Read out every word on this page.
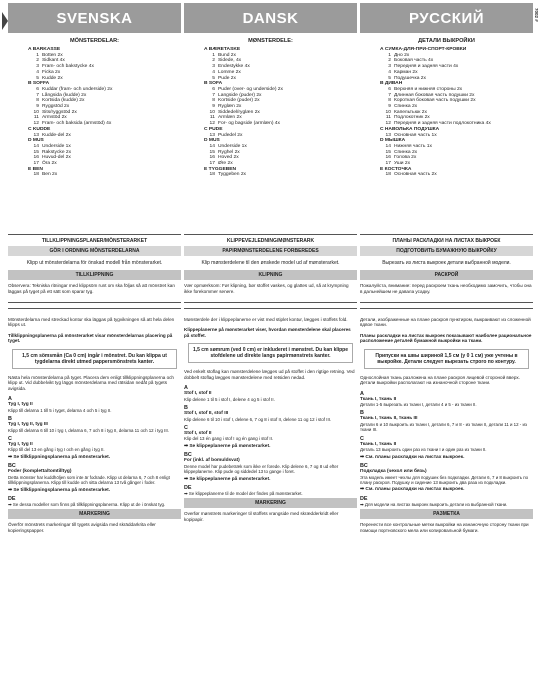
7002 #
SVENSKA
MÖNSTERDELAR:
A BÄRKASSE
1 Botten 2x
2 Sidkant 4x
3 Fram- och bakstycke 4x
4 Ficka 2x
5 Kudde 2x
B SOFFA
6 Kuddar (fram- och underside) 2x
7 Långsida (kudde) 2x
8 Kortsida (kudde) 2x
9 Ryggstöd 2x
10 Sits/ryggstöd 2x
11 Armstöd 2x
12 Fram- och baksida (armstöd) 4x
C KUDDE
13 Kudde-del 2x
D MUS
14 Underside 1x
15 Rakstycke 2x
16 Huvud-del 2x
17 Öra 2x
E BEN
18 Ben 2x
TILLKLIPPNINGSPLANER/MÖNSTERARKET
GÖR I ORDNING MÖNSTERDELARNA
Klipp ut mönsterdelarna för önskad modell från mönsterarket.
TILLKLIPPNING
Observera: Tekniska ritningar med klippsöm runt om ska följas så att mönstret kan läggas på tyget på ett sätt som sparar tyg.
Mönsterdelarna med streckad kontur ska läggas på tygvikningen så att hela delen klipps ut.
Tillklippningsplanerna på mönsterarket visar mönsterdelarnas placering på tyget.
1,5 cm sömsmån (Ca 0 cm) ingår i mönstret. Du kan klippa ut tygdelarna direkt utmed pappersmönstrets kanter.
Nästa hela mönsterdelarna på tyget. Placera dem enligt tillklippningsplanerna och klipp ut. Vid dubbelvikt tyg läggs mönsterdelarna med rätsidan nedåt på tygets avigsida.
A
Tyg I, tyg II
Klipp till delarna 1 till 5 i tyget, delarna 4 och 5 i tyg II.
B
Tyg I, tyg II, tyg III
Klipp till delarna 6 till 10 i tyg I, delarna 6, 7 och 8 i tyg II, delarna 11 och 12 i tyg III.
C
Tyg I, tyg II
Klipp till del 13 en gång i tyg I och en gång i tyg II.
➡ Se tillklippningsplanerna på mönsterarket.
BC
Foder (kompletta/tomtilltyg)
Detta mönster har kuddhöljen som inte är fodrade. Klipp ut delarna 6, 7 och 8 enligt tillklippningsplanerna. Klipp till kudde och sitta delarna 13 två gånger i foder.
➡ Se tillklippningsplanerna på mönsterarket.
DE
➡ Se dessa modeller som finns på tillklippningsplanerna. Klipp ut de i önskat tyg.
MARKERING
Överför mönstrets markeringar till tygets avigsida med skräddarkrita eller kopieringspapper.
DANSK
MØNSTERDELE:
A BÆRETASKE
1 Bund 2x
2 Sidede, 4x
3 Endestykke 4x
4 Lomme 2x
5 Pude 2x
B SOFA
6 Puder (over- og underside) 2x
7 Langside (puder) 2x
8 Kortside (puder) 2x
9 Ryglæn 2x
10 Siddedel/ryglæn 2x
11 Armlæn 2x
12 For- og bagside (armlæn) 4x
C PUDE
13 Pudedel 2x
D MUS
14 Underside 1x
15 Ryghel 2x
16 Hoved 2x
17 Øre 2x
E TYGGEBEN
18 Tyggeben 2x
KLIPPEVEJLEDNING/MØNSTERARK
PAPIRMØNSTERDELENE FORBEREDES
Klip mønsterdelene til den ønskede model ud af mønsterarket.
KLIPNING
Vær opmærksom: Før klipning, bør stoffet vaskes, og glattes ud, så at krympning ikke forekommer senere.
Mønsterdele der i klippeplanerne er vist med stiplet kontur, lægges i stoffets fold.
Klippeplanerne på mønsterarket viser, hvordan mønsterdelene skal placeres på stoffet.
1,5 cm sømrum (ved 0 cm) er inkluderet i mønstret. Du kan klippe stofdelene ud direkte langs papirmønstrets kanter.
Ved enkelt stoflag kan mønsterdelene lægges ud på stoffet i den rigtige retning. Ved dobbelt stoflag lægges mønsterdelene med retsiden nedad.
A
Stof I, stof II
Klip delene 1 til 5 i stof I, delene 4 og 5 i stof II.
B
Stof I, stof II, stof III
Klip delene 6 til 10 i stof I, delene 6, 7 og 8 i stof II, delene 11 og 12 i stof III.
C
Stof I, stof II
Klip del 13 én gang i stof I og én gang i stof II.
➡ Se klippeplanerne på mønsterarket.
BC
For (inkl. af bomuldsvat)
Denne model har pudebetræk som ikke er forede. Klip delene 6, 7 og 8 ud efter klippeplanerne. Klip pude og siddedel 13 to gange i foret.
➡ Se klippeplanerne på mønsterarket.
DE
➡ Se klippeplanerne til de model der findes på mønsterarket.
MARKERING
Overfør mønstrets markeringer til stoffets vrangside med skrædderkridt eller kopipapir.
РУССКИЙ
ДЕТАЛИ ВЫКРОЙКИ
А СУМКА-ДЛЯ-ПРИ-СПОРТ-КРОВКИ
1 Дно 2x
2 Боковая часть 4x
3 Передняя и задняя части 4x
4 Карман 2x
5 Подушечка 2x
B ДИВАН
6 Верхняя и нижняя стороны 2x
7 Длинная боковая часть подушки 2x
8 Короткая боковая часть подушки 2x
9 Спинка 2x
10 Капельтьюк 2x
11 Подлокотник 2x
12 Передняя и задняя части подлокотника 4x
C НАВОЛЬКА ПОДУШКА
13 Основная часть 1x
D МЫШКА
14 Нижняя часть 1x
15 Спинка 2x
16 Голова 2x
17 Уши 2x
E КОСТОЧКА
18 Основная часть 2x
ПЛАНЫ РАСКЛАДКИ НА ЛИСТАХ ВЫКРОЕК
ПОДГОТОВИТЬ БУМАЖНУЮ ВЫКРОЙКУ
Вырезать из листа выкроек детали выбранной модели.
РАСКРОЙ
Пожалуйста, внимание: перед раскроем ткань необходимо замочить, чтобы она в дальнейшем не давала усадку.
Детали, изображенные на плане раскроя пунктиром, выкраивают из сложенной вдвое ткани.
Планы раскладки на листах выкроек показывают наиболее рациональное расположение деталей бумажной выкройки на ткани.
Припуски на швы шириной 1,5 см (у 0 1 см) уже учтены в выкройке. Детали следует вырезать строго по контуру.
Однослойная ткань разложена на плане раскроя лицевой стороной вверх. Детали выкройки располагают на изнаночной стороне ткани.
A
Ткань I, ткань II
Детали 1-5 вырезать из ткани I, детали 4 и 5 - из ткани II.
B
Ткань I, ткань II, ткань III
Детали 6 и 10 выкроить из ткани I, детали 6, 7 и 8 - из ткани II, детали 11 и 12 - из ткани III.
C
Ткань I, ткань II
Деталь 13 выкроить один раз из ткани I и один раз из ткани II.
➡ См. планы раскладки на листах выкроек.
BC
Подкладка (чехол или бязь)
Эта модель имеет чехлы для подушек без подкладки. Детали 6, 7 и 8 выкроить по плану раскроя. Подушку и сидение 13 выкроить два раза из подкладки.
➡ См. планы раскладки на листах выкроек.
DE
➡ Для модели на листах выкроек выкроить детали из выбранной ткани.
РАЗМЕТКА
Перенести все контрольные метки выкройки на изнаночную сторону ткани при помощи портновского мела или копировальной бумаги.
